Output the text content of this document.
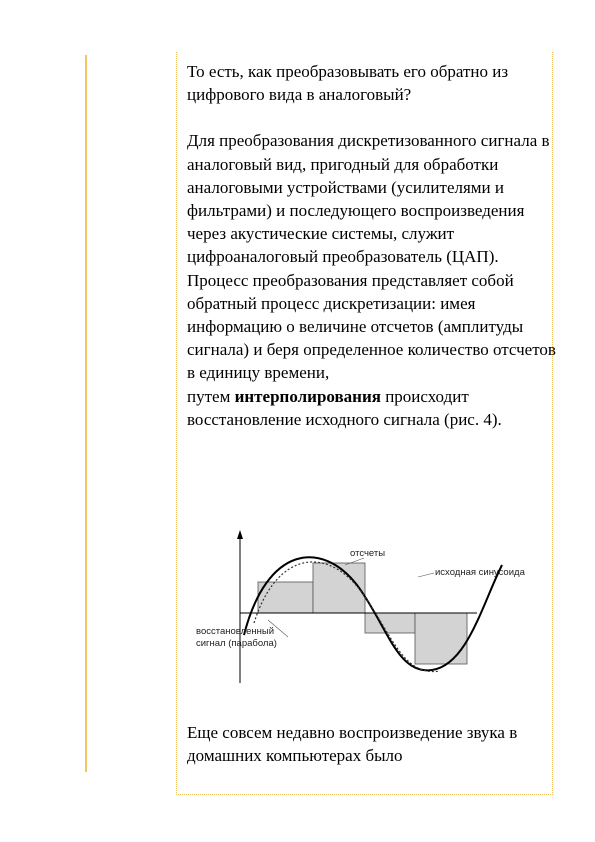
То есть, как преобразовывать его обратно из цифрового вида в аналоговый?

Для преобразования дискретизованного сигнала в аналоговый вид, пригодный для обработки аналоговыми устройствами (усилителями и фильтрами) и последующего воспроизведения через акустические системы, служит цифроаналоговый преобразователь (ЦАП). Процесс преобразования представляет собой обратный процесс дискретизации: имея информацию о величине отсчетов (амплитуды сигнала) и беря определенное количество отсчетов в единицу времени,
путем интерполирования происходит восстановление исходного сигнала (рис. 4).

отсчеты
исходная синусоида
восстановленный
сигнал (парабола)

Еще совсем недавно воспроизведение звука в домашних компьютерах было
